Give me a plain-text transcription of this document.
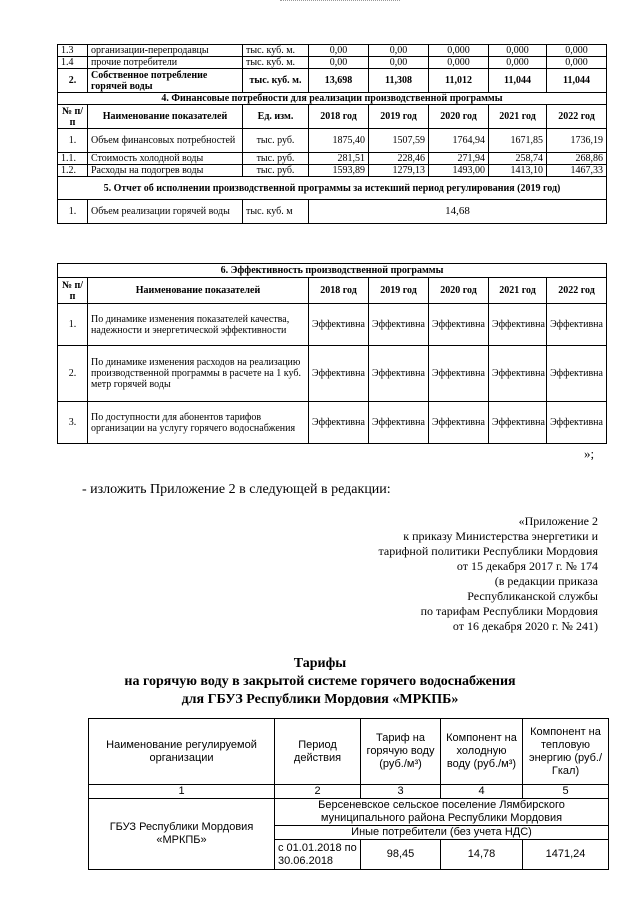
1.3	организации-перепродавцы	тыс. куб. м.	0,00	0,00	0,000	0,000	0,000
1.4	прочие потребители	тыс. куб. м.	0,00	0,00	0,000	0,000	0,000
2.	Собственное потребление горячей воды	тыс. куб. м.	13,698	11,308	11,012	11,044	11,044
4. Финансовые потребности для реализации производственной программы							
№ п/п	Наименование показателей	Ед. изм.	2018 год	2019 год	2020 год	2021 год	2022 год
1.	Объем финансовых потребностей	тыс. руб.	1875,40	1507,59	1764,94	1671,85	1736,19
1.1.	Стоимость холодной воды	тыс. руб.	281,51	228,46	271,94	258,74	268,86
1.2.	Расходы на подогрев воды	тыс. руб.	1593,89	1279,13	1493,00	1413,10	1467,33
5. Отчет об исполнении производственной программы за истекший период регулирования (2019 год)							
1.	Объем реализации горячей воды	тыс. куб. м	14,68				
6. Эффективность производственной программы						
№ п/п	Наименование показателей	2018 год	2019 год	2020 год	2021 год	2022 год
1.	По динамике изменения показателей качества, надежности и энергетической эффективности	Эффективна	Эффективна	Эффективна	Эффективна	Эффективна
2.	По динамике изменения расходов на реализацию производственной программы в расчете на 1 куб. метр горячей воды	Эффективна	Эффективна	Эффективна	Эффективна	Эффективна
3.	По доступности для абонентов тарифов организации на услугу горячего водоснабжения	Эффективна	Эффективна	Эффективна	Эффективна	Эффективна
»;
- изложить Приложение 2 в следующей в редакции:
«Приложение 2
к приказу Министерства энергетики и
тарифной политики Республики Мордовия
от 15 декабря 2017 г. № 174
(в редакции приказа
Республиканской службы
по тарифам Республики Мордовия
от 16 декабря 2020 г. № 241)
Тарифы
на горячую воду в закрытой системе горячего водоснабжения
для ГБУЗ Республики Мордовия «МРКПБ»
Наименование регулируемой организации	Период действия	Тариф на горячую воду (руб./м³)	Компонент на холодную воду (руб./м³)	Компонент на тепловую энергию (руб./Гкал)
1	2	3	4	5
ГБУЗ Республики Мордовия «МРКПБ»	Берсеневское сельское поселение Лямбирского муниципального района Республики Мордовия			
	Иные потребители (без учета НДС)			
	с 01.01.2018 по 30.06.2018	98,45	14,78	1471,24
